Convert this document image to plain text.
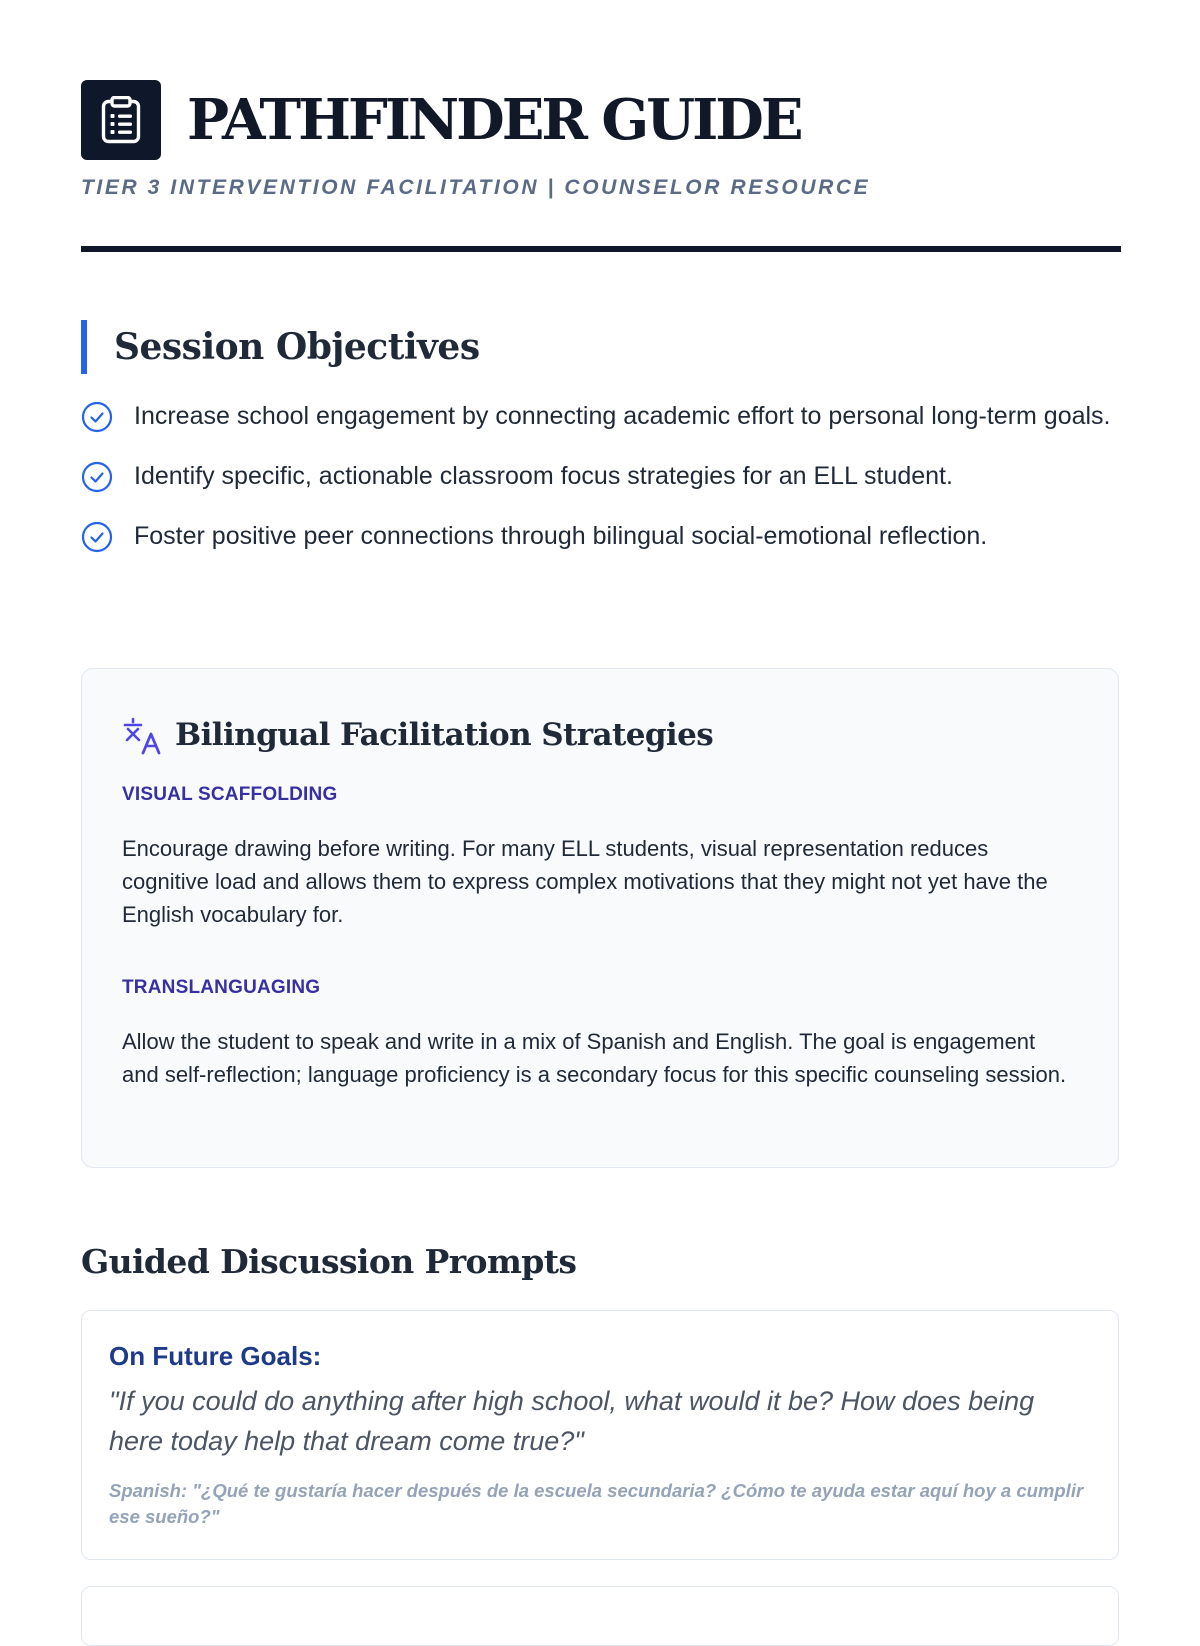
PATHFINDER GUIDE
TIER 3 INTERVENTION FACILITATION | COUNSELOR RESOURCE
Session Objectives
Increase school engagement by connecting academic effort to personal long-term goals.
Identify specific, actionable classroom focus strategies for an ELL student.
Foster positive peer connections through bilingual social-emotional reflection.
Bilingual Facilitation Strategies
VISUAL SCAFFOLDING

Encourage drawing before writing. For many ELL students, visual representation reduces cognitive load and allows them to express complex motivations that they might not yet have the English vocabulary for.

TRANSLANGUAGING

Allow the student to speak and write in a mix of Spanish and English. The goal is engagement and self-reflection; language proficiency is a secondary focus for this specific counseling session.

Guided Discussion Prompts
On Future Goals:

"If you could do anything after high school, what would it be? How does being here today help that dream come true?"

Spanish: "¿Qué te gustaría hacer después de la escuela secundaria? ¿Cómo te ayuda estar aquí hoy a cumplir ese sueño?"
